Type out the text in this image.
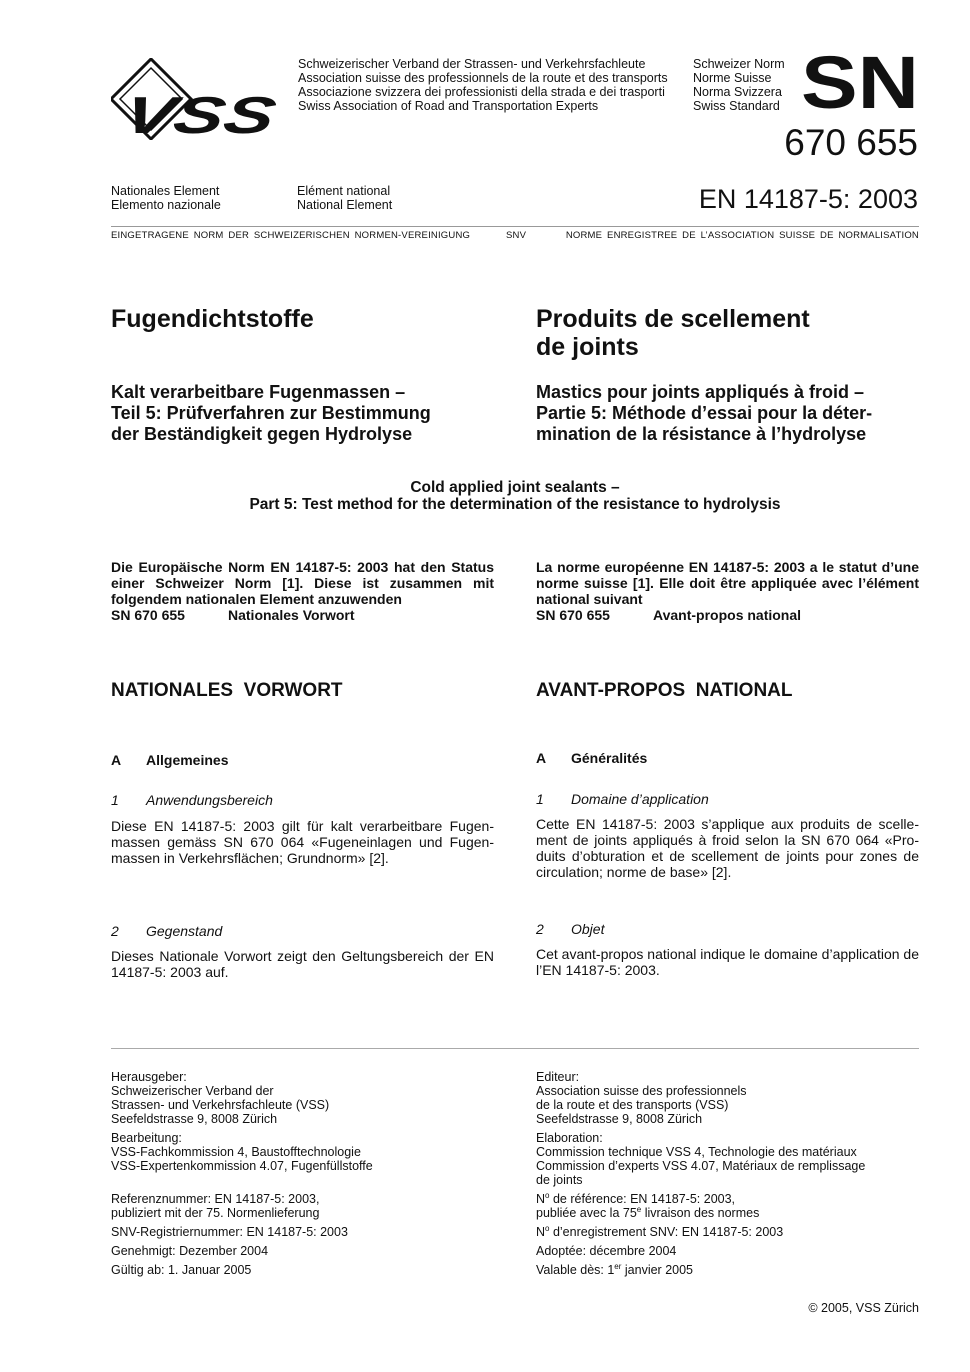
VSS
Schweizerischer Verband der Strassen- und Verkehrsfachleute
Association suisse des professionnels de la route et des transports
Associazione svizzera dei professionisti della strada e dei trasporti
Swiss Association of Road and Transportation Experts
Schweizer Norm
Norme Suisse
Norma Svizzera
Swiss Standard SN
670 655
Nationales Element
Elemento nazionale
Elément national
National Element	EN 14187-5: 2003
EINGETRAGENE NORM DER SCHWEIZERISCHEN NORMEN-VEREINIGUNG	SNV	NORME ENREGISTREE DE L’ASSOCIATION SUISSE DE NORMALISATION
Fugendichtstoffe	Produits de scellement
de joints
Kalt verarbeitbare Fugenmassen –
Teil 5: Prüfverfahren zur Bestimmung
der Beständigkeit gegen Hydrolyse
Mastics pour joints appliqués à froid –
Partie 5: Méthode d’essai pour la déter-
mination de la résistance à l’hydrolyse
Cold applied joint sealants –
Part 5: Test method for the determination of the resistance to hydrolysis
Die Europäische Norm EN 14187-5: 2003 hat den Status einer Schweizer Norm [1]. Diese ist zusammen mit folgendem nationalen Element anzuwenden
SN 670 655	Nationales Vorwort
La norme européenne EN 14187-5: 2003 a le statut d’une norme suisse [1]. Elle doit être appliquée avec l’élément national suivant
SN 670 655	Avant-propos national
NATIONALES  VORWORT	AVANT-PROPOS  NATIONAL
A Allgemeines	A Généralités
1 Anwendungsbereich
Diese EN 14187-5: 2003 gilt für kalt verarbeitbare Fugenmassen gemäss SN 670 064 «Fugeneinlagen und Fugenmassen in Verkehrsflächen; Grundnorm» [2].
1 Domaine d’application
Cette EN 14187-5: 2003 s’applique aux produits de scellement de joints appliqués à froid selon la SN 670 064 «Produits d’obturation et de scellement de joints pour zones de circulation; norme de base» [2].
2 Gegenstand
Dieses Nationale Vorwort zeigt den Geltungsbereich der EN 14187-5: 2003 auf.
2 Objet
Cet avant-propos national indique le domaine d’application de l’EN 14187-5: 2003.
Herausgeber:
Schweizerischer Verband der
Strassen- und Verkehrsfachleute (VSS)
Seefeldstrasse 9, 8008 Zürich
Bearbeitung:
VSS-Fachkommission 4, Baustofftechnologie
VSS-Expertenkommission 4.07, Fugenfüllstoffe
Referenznummer: EN 14187-5: 2003,
publiziert mit der 75. Normenlieferung
SNV-Registriernummer: EN 14187-5: 2003
Genehmigt: Dezember 2004
Gültig ab: 1. Januar 2005
Editeur:
Association suisse des professionnels
de la route et des transports (VSS)
Seefeldstrasse 9, 8008 Zürich
Elaboration:
Commission technique VSS 4, Technologie des matériaux
Commission d’experts VSS 4.07, Matériaux de remplissage
de joints
$N^o$ de référence: EN 14187-5: 2003,
publiée avec la 75e livraison des normes
$N^o$ d’enregistrement SNV: EN 14187-5: 2003
Adoptée: décembre 2004
Valable dès: 1er janvier 2005
© 2005, VSS Zürich
